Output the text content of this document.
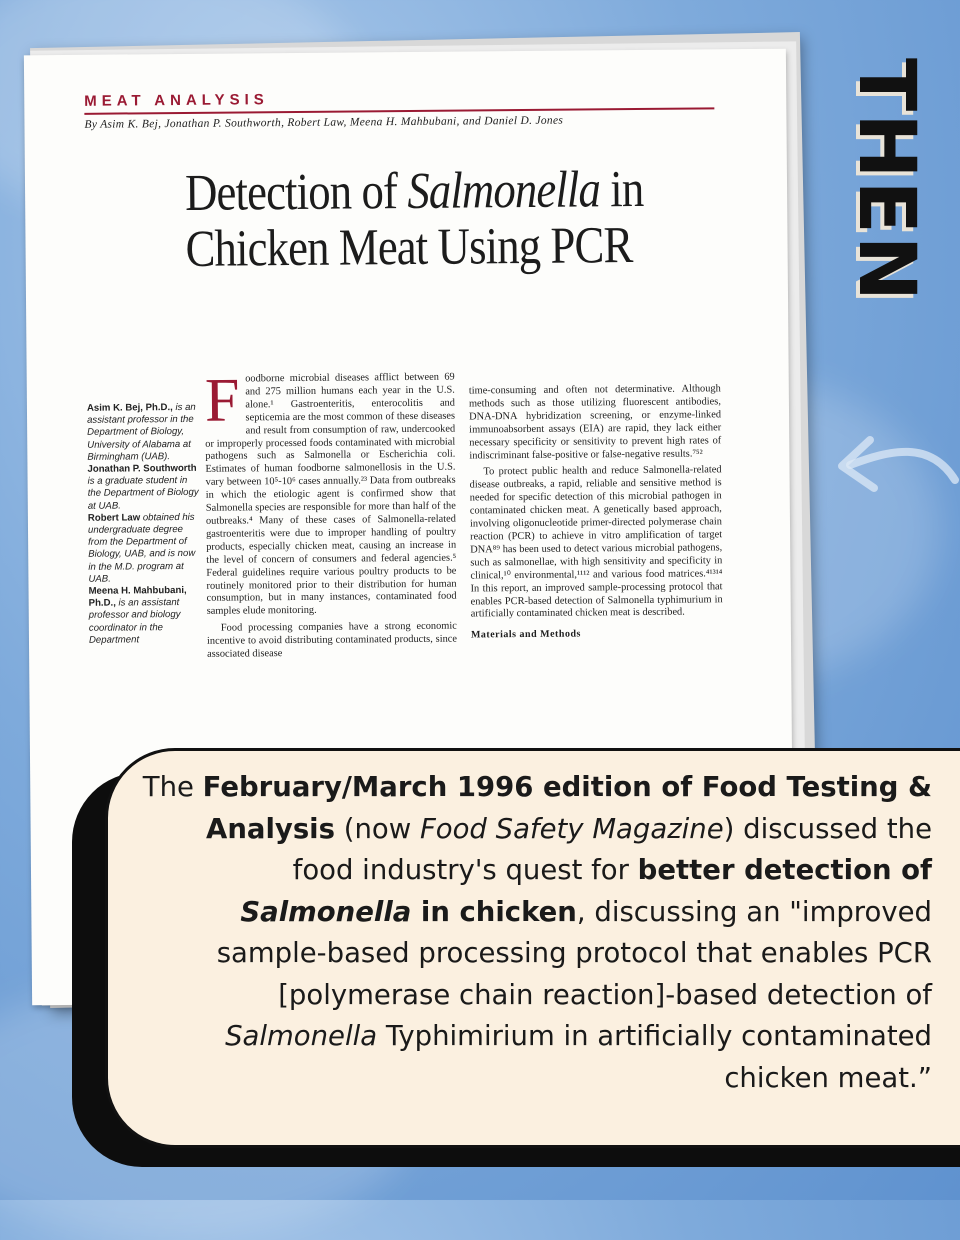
MEAT ANALYSIS
By Asim K. Bej, Jonathan P. Southworth, Robert Law, Meena H. Mahbubani, and Daniel D. Jones
Detection of Salmonella in
Chicken Meat Using PCR
Asim K. Bej, Ph.D., is an assistant professor in the Department of Biology, University of Alabama at Birmingham (UAB).
Jonathan P. Southworth is a graduate student in the Department of Biology at UAB.
Robert Law obtained his undergraduate degree from the Department of Biology, UAB, and is now in the M.D. program at UAB.
Meena H. Mahbubani, Ph.D., is an assistant professor and biology coordinator in the Department
F oodborne microbial diseases afflict between 69 and 275 million humans each year in the U.S. alone.¹ Gastroenteritis, enterocolitis and septicemia are the most common of these diseases and result from consumption of raw, undercooked or improperly processed foods contaminated with microbial pathogens such as Salmonella or Escherichia coli. Estimates of human foodborne salmonellosis in the U.S. vary between 10⁵-10⁶ cases annually.²³ Data from outbreaks in which the etiologic agent is confirmed show that Salmonella species are responsible for more than half of the outbreaks.⁴ Many of these cases of Salmonella-related gastroenteritis were due to improper handling of poultry products, especially chicken meat, causing an increase in the level of concern of consumers and federal agencies.⁵ Federal guidelines require various poultry products to be routinely monitored prior to their distribution for human consumption, but in many instances, contaminated food samples elude monitoring.

Food processing companies have a strong economic incentive to avoid distributing contaminated products, since associated disease

time-consuming and often not determinative. Although methods such as those utilizing fluorescent antibodies, DNA-DNA hybridization screening, or enzyme-linked immunoabsorbent assays (EIA) are rapid, they lack either necessary specificity or sensitivity to prevent high rates of indiscriminant false-positive or false-negative results.⁷⁵²

To protect public health and reduce Salmonella-related disease outbreaks, a rapid, reliable and sensitive method is needed for specific detection of this microbial pathogen in contaminated chicken meat. A genetically based approach, involving oligonucleotide primer-directed polymerase chain reaction (PCR) to achieve in vitro amplification of target DNA⁸⁹ has been used to detect various microbial pathogens, such as salmonellae, with high sensitivity and specificity in clinical,¹⁰ environmental,¹¹¹² and various food matrices.⁴¹³¹⁴ In this report, an improved sample-processing protocol that enables PCR-based detection of Salmonella typhimurium in artificially contaminated chicken meat is described.

Materials and Methods
THEN
The February/March 1996 edition of Food Testing & Analysis (now Food Safety Magazine) discussed the food industry's quest for better detection of Salmonella in chicken, discussing an "improved sample-based processing protocol that enables PCR [polymerase chain reaction]-based detection of Salmonella Typhimirium in artificially contaminated chicken meat.”
